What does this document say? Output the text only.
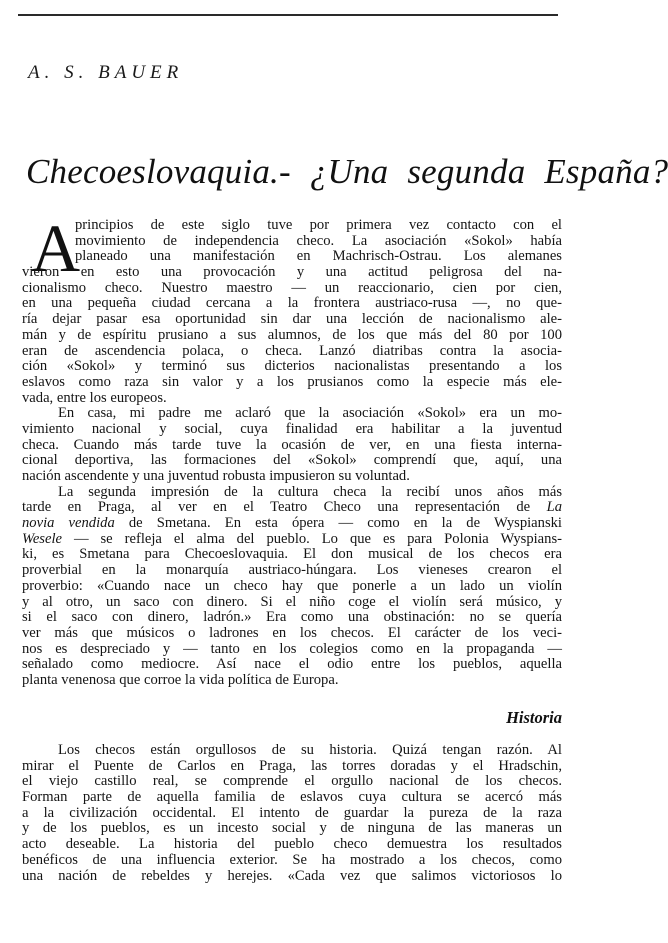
A. S. BAUER
Checoeslovaquia.- ¿Una segunda España?
A
principios de este siglo tuve por primera vez contacto con el
movimiento de independencia checo. La asociación «Sokol» había
planeado una manifestación en Machrisch-Ostrau. Los alemanes
vieron en esto una provocación y una actitud peligrosa del na-
cionalismo checo. Nuestro maestro — un reaccionario, cien por cien,
en una pequeña ciudad cercana a la frontera austriaco-rusa —, no que-
ría dejar pasar esa oportunidad sin dar una lección de nacionalismo ale-
mán y de espíritu prusiano a sus alumnos, de los que más del 80 por 100
eran de ascendencia polaca, o checa. Lanzó diatribas contra la asocia-
ción «Sokol» y terminó sus dicterios nacionalistas presentando a los
eslavos como raza sin valor y a los prusianos como la especie más ele-
vada, entre los europeos.
En casa, mi padre me aclaró que la asociación «Sokol» era un mo-
vimiento nacional y social, cuya finalidad era habilitar a la juventud
checa. Cuando más tarde tuve la ocasión de ver, en una fiesta interna-
cional deportiva, las formaciones del «Sokol» comprendí que, aquí, una
nación ascendente y una juventud robusta impusieron su voluntad.
La segunda impresión de la cultura checa la recibí unos años más
tarde en Praga, al ver en el Teatro Checo una representación de La
novia vendida de Smetana. En esta ópera — como en la de Wyspianski
Wesele — se refleja el alma del pueblo. Lo que es para Polonia Wyspians-
ki, es Smetana para Checoeslovaquia. El don musical de los checos era
proverbial en la monarquía austriaco-húngara. Los vieneses crearon el
proverbio: «Cuando nace un checo hay que ponerle a un lado un violín
y al otro, un saco con dinero. Si el niño coge el violín será músico, y
si el saco con dinero, ladrón.» Era como una obstinación: no se quería
ver más que músicos o ladrones en los checos. El carácter de los veci-
nos es despreciado y — tanto en los colegios como en la propaganda —
señalado como mediocre. Así nace el odio entre los pueblos, aquella
planta venenosa que corroe la vida política de Europa.
Historia
Los checos están orgullosos de su historia. Quizá tengan razón. Al
mirar el Puente de Carlos en Praga, las torres doradas y el Hradschin,
el viejo castillo real, se comprende el orgullo nacional de los checos.
Forman parte de aquella familia de eslavos cuya cultura se acercó más
a la civilización occidental. El intento de guardar la pureza de la raza
y de los pueblos, es un incesto social y de ninguna de las maneras un
acto deseable. La historia del pueblo checo demuestra los resultados
benéficos de una influencia exterior. Se ha mostrado a los checos, como
una nación de rebeldes y herejes. «Cada vez que salimos victoriosos lo
